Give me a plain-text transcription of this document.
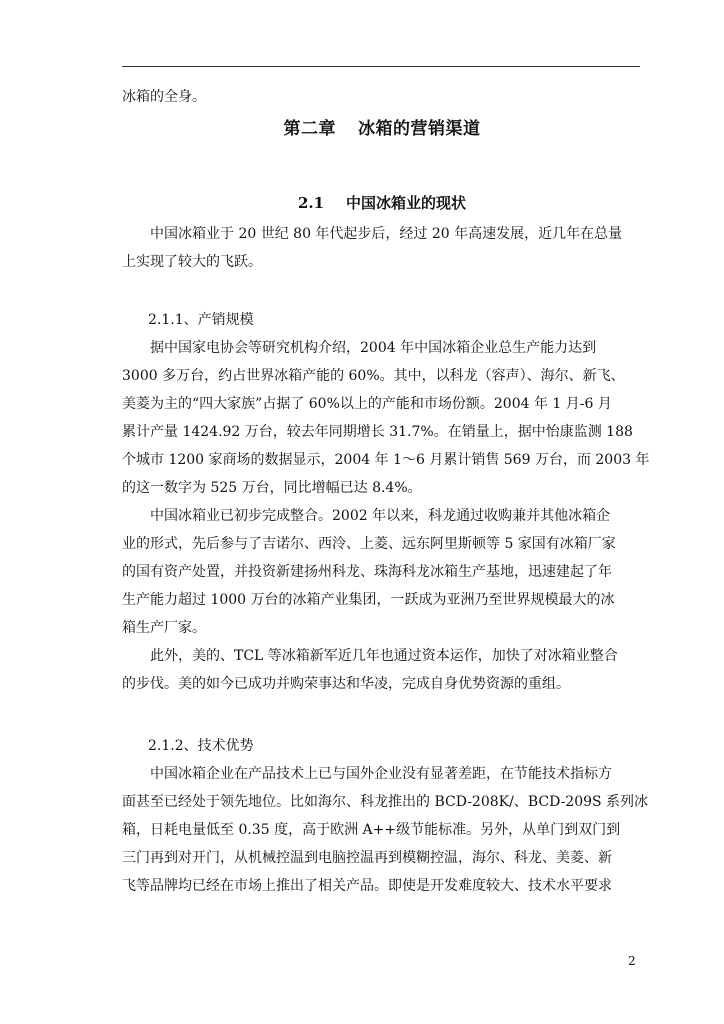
冰箱的全身。

第二章 冰箱的营销渠道
2.1 中国冰箱业的现状

中国冰箱业于 20 世纪 80 年代起步后，经过 20 年高速发展，近几年在总量

上实现了较大的飞跃。

2.1.1、产销规模

据中国家电协会等研究机构介绍，2004 年中国冰箱企业总生产能力达到

3000 多万台，约占世界冰箱产能的 60%。其中，以科龙（容声）、海尔、新飞、

美菱为主的“四大家族”占据了 60%以上的产能和市场份额。2004 年 1 月-6 月

累计产量 1424.92 万台，较去年同期增长 31.7%。在销量上，据中怡康监测 188

个城市 1200 家商场的数据显示，2004 年 1～6 月累计销售 569 万台，而 2003 年

的这一数字为 525 万台，同比增幅已达 8.4%。

中国冰箱业已初步完成整合。2002 年以来，科龙通过收购兼并其他冰箱企

业的形式，先后参与了吉诺尔、西泠、上菱、远东阿里斯顿等 5 家国有冰箱厂家

的国有资产处置，并投资新建扬州科龙、珠海科龙冰箱生产基地，迅速建起了年

生产能力超过 1000 万台的冰箱产业集团，一跃成为亚洲乃至世界规模最大的冰

箱生产厂家。

此外，美的、TCL 等冰箱新军近几年也通过资本运作，加快了对冰箱业整合

的步伐。美的如今已成功并购荣事达和华凌，完成自身优势资源的重组。

2.1.2、技术优势

中国冰箱企业在产品技术上已与国外企业没有显著差距，在节能技术指标方

面甚至已经处于领先地位。比如海尔、科龙推出的 BCD-208K/、BCD-209S 系列冰

箱，日耗电量低至 0.35 度，高于欧洲 A++级节能标准。另外，从单门到双门到

三门再到对开门，从机械控温到电脑控温再到模糊控温，海尔、科龙、美菱、新

飞等品牌均已经在市场上推出了相关产品。即使是开发难度较大、技术水平要求

2
